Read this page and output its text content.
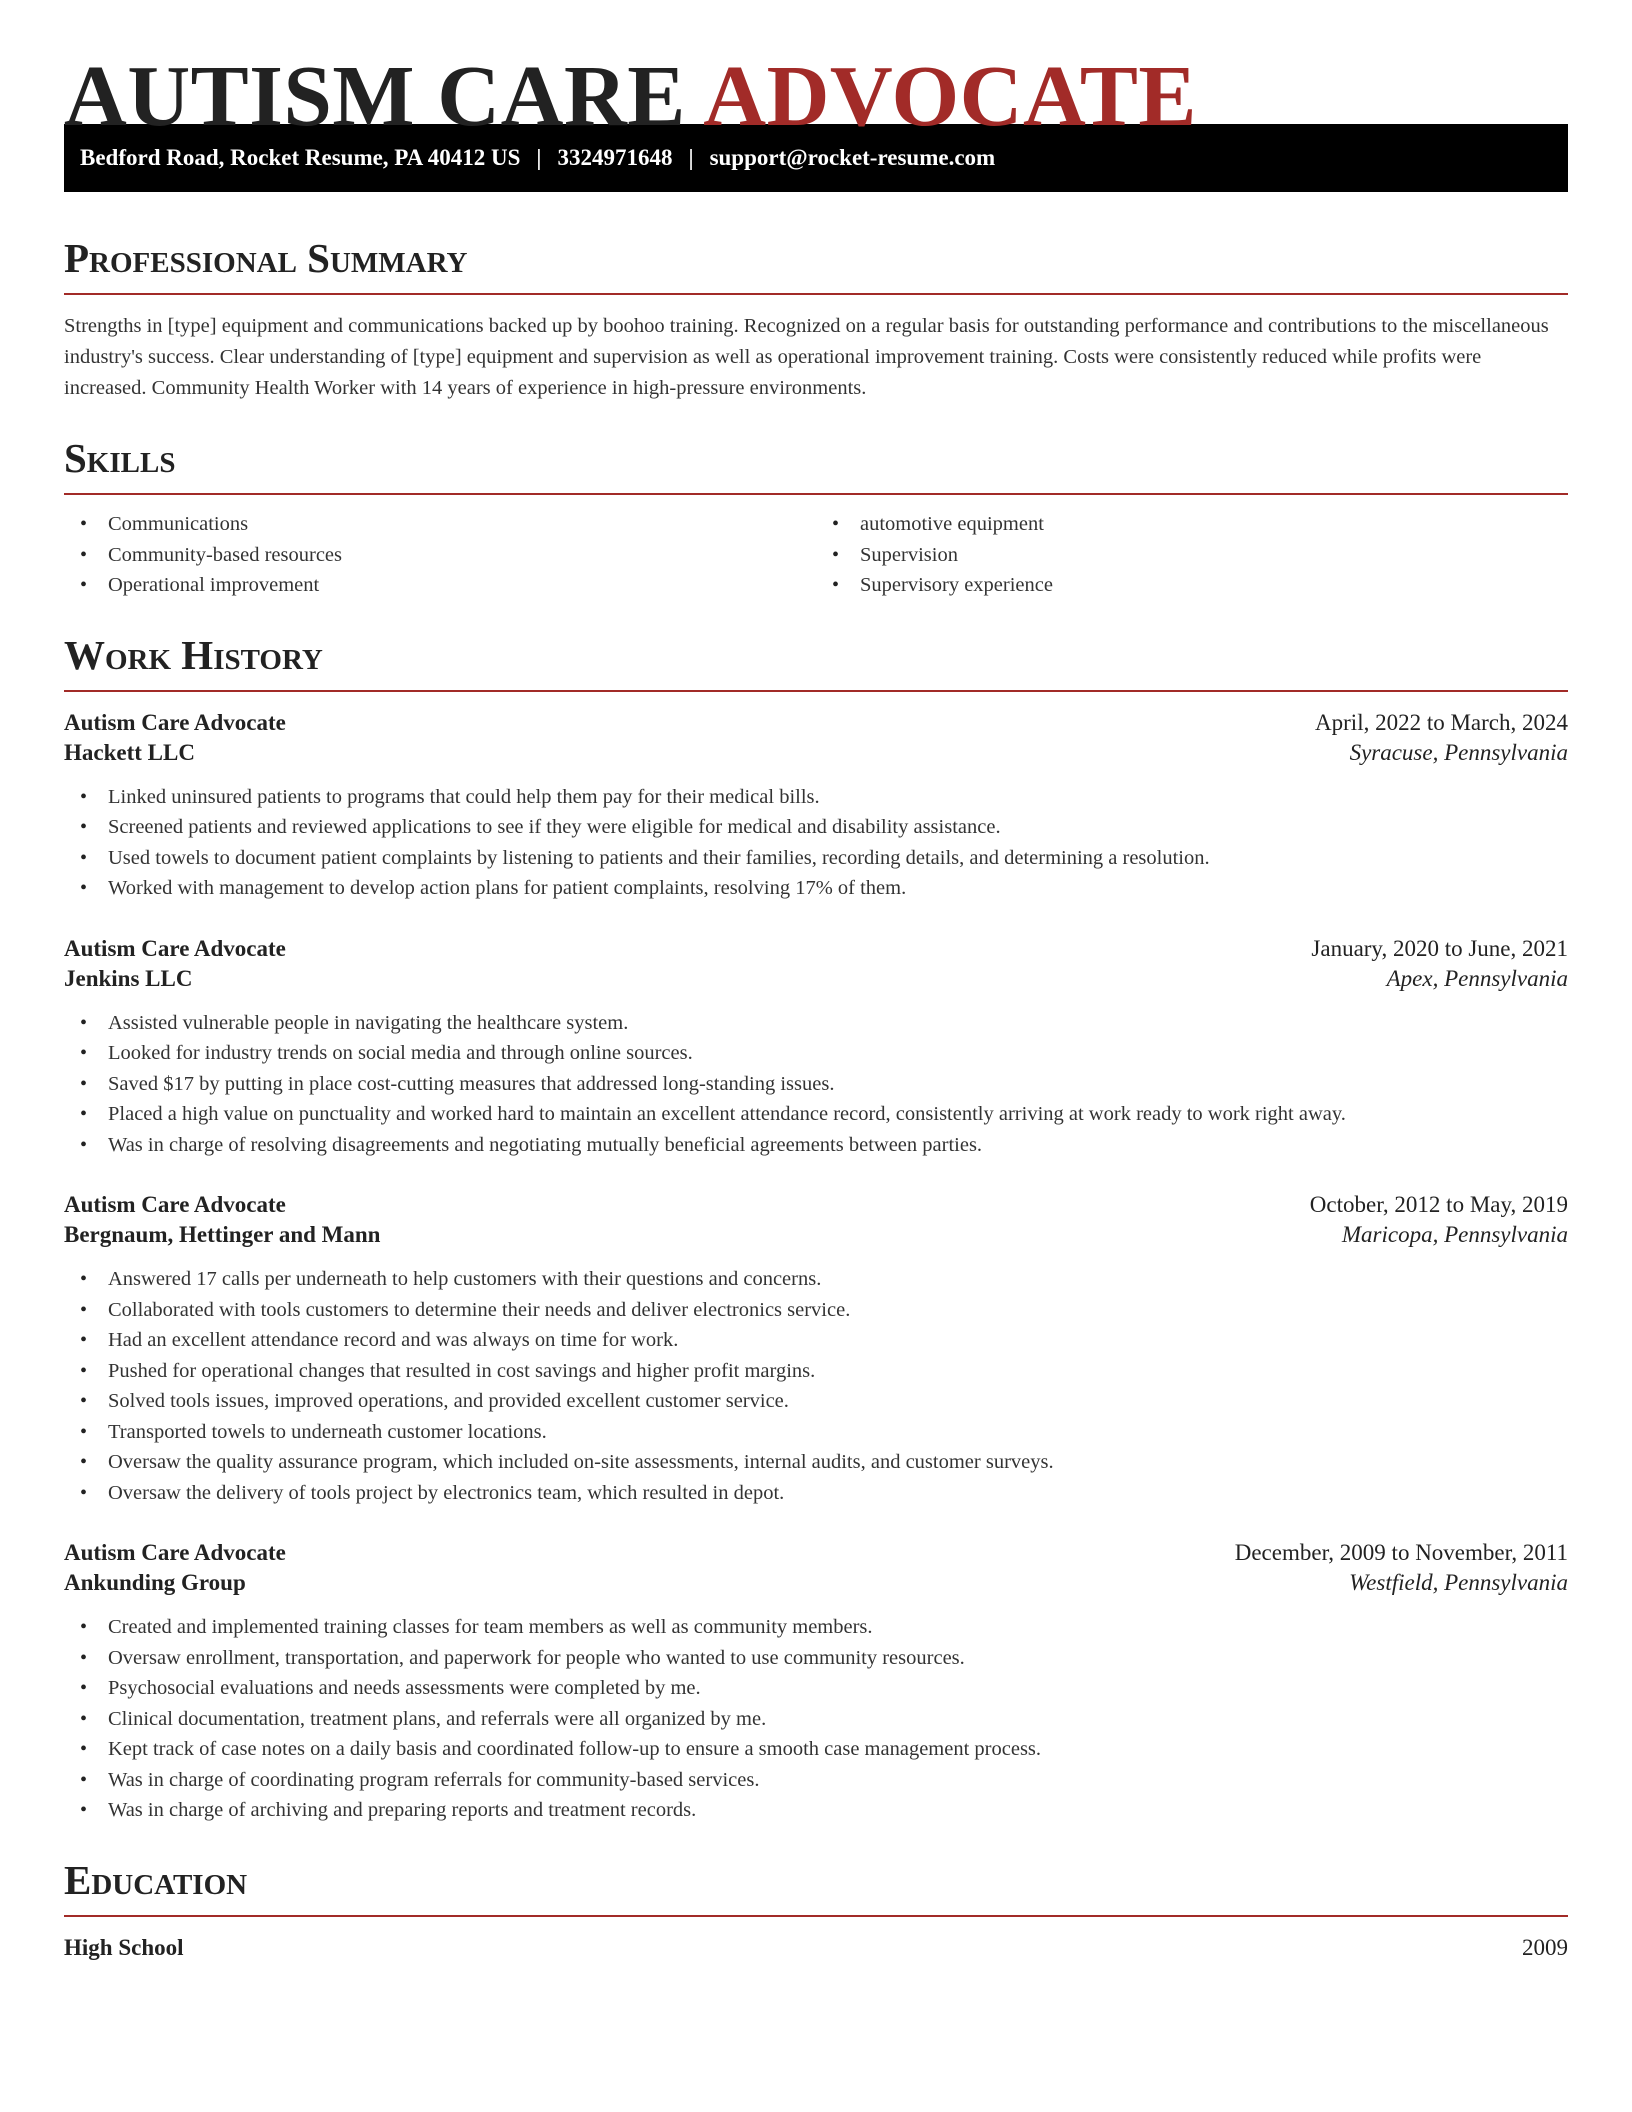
AUTISM CARE ADVOCATE
Bedford Road, Rocket Resume, PA 40412 US | 3324971648 | support@rocket-resume.com
Professional Summary

Strengths in [type] equipment and communications backed up by boohoo training. Recognized on a regular basis for outstanding performance and contributions to the miscellaneous industry's success. Clear understanding of [type] equipment and supervision as well as operational improvement training. Costs were consistently reduced while profits were increased. Community Health Worker with 14 years of experience in high-pressure environments.

Skills
• Communications
• Community-based resources
• Operational improvement
• automotive equipment
• Supervision
• Supervisory experience
Work History
Autism Care Advocate	April, 2022 to March, 2024
Hackett LLC	Syracuse, Pennsylvania
• Linked uninsured patients to programs that could help them pay for their medical bills.
• Screened patients and reviewed applications to see if they were eligible for medical and disability assistance.
• Used towels to document patient complaints by listening to patients and their families, recording details, and determining a resolution.
• Worked with management to develop action plans for patient complaints, resolving 17% of them.
Autism Care Advocate	January, 2020 to June, 2021
Jenkins LLC	Apex, Pennsylvania
• Assisted vulnerable people in navigating the healthcare system.
• Looked for industry trends on social media and through online sources.
• Saved $17 by putting in place cost-cutting measures that addressed long-standing issues.
• Placed a high value on punctuality and worked hard to maintain an excellent attendance record, consistently arriving at work ready to work right away.
• Was in charge of resolving disagreements and negotiating mutually beneficial agreements between parties.
Autism Care Advocate	October, 2012 to May, 2019
Bergnaum, Hettinger and Mann	Maricopa, Pennsylvania
• Answered 17 calls per underneath to help customers with their questions and concerns.
• Collaborated with tools customers to determine their needs and deliver electronics service.
• Had an excellent attendance record and was always on time for work.
• Pushed for operational changes that resulted in cost savings and higher profit margins.
• Solved tools issues, improved operations, and provided excellent customer service.
• Transported towels to underneath customer locations.
• Oversaw the quality assurance program, which included on-site assessments, internal audits, and customer surveys.
• Oversaw the delivery of tools project by electronics team, which resulted in depot.
Autism Care Advocate	December, 2009 to November, 2011
Ankunding Group	Westfield, Pennsylvania
• Created and implemented training classes for team members as well as community members.
• Oversaw enrollment, transportation, and paperwork for people who wanted to use community resources.
• Psychosocial evaluations and needs assessments were completed by me.
• Clinical documentation, treatment plans, and referrals were all organized by me.
• Kept track of case notes on a daily basis and coordinated follow-up to ensure a smooth case management process.
• Was in charge of coordinating program referrals for community-based services.
• Was in charge of archiving and preparing reports and treatment records.
Education
High School	2009
